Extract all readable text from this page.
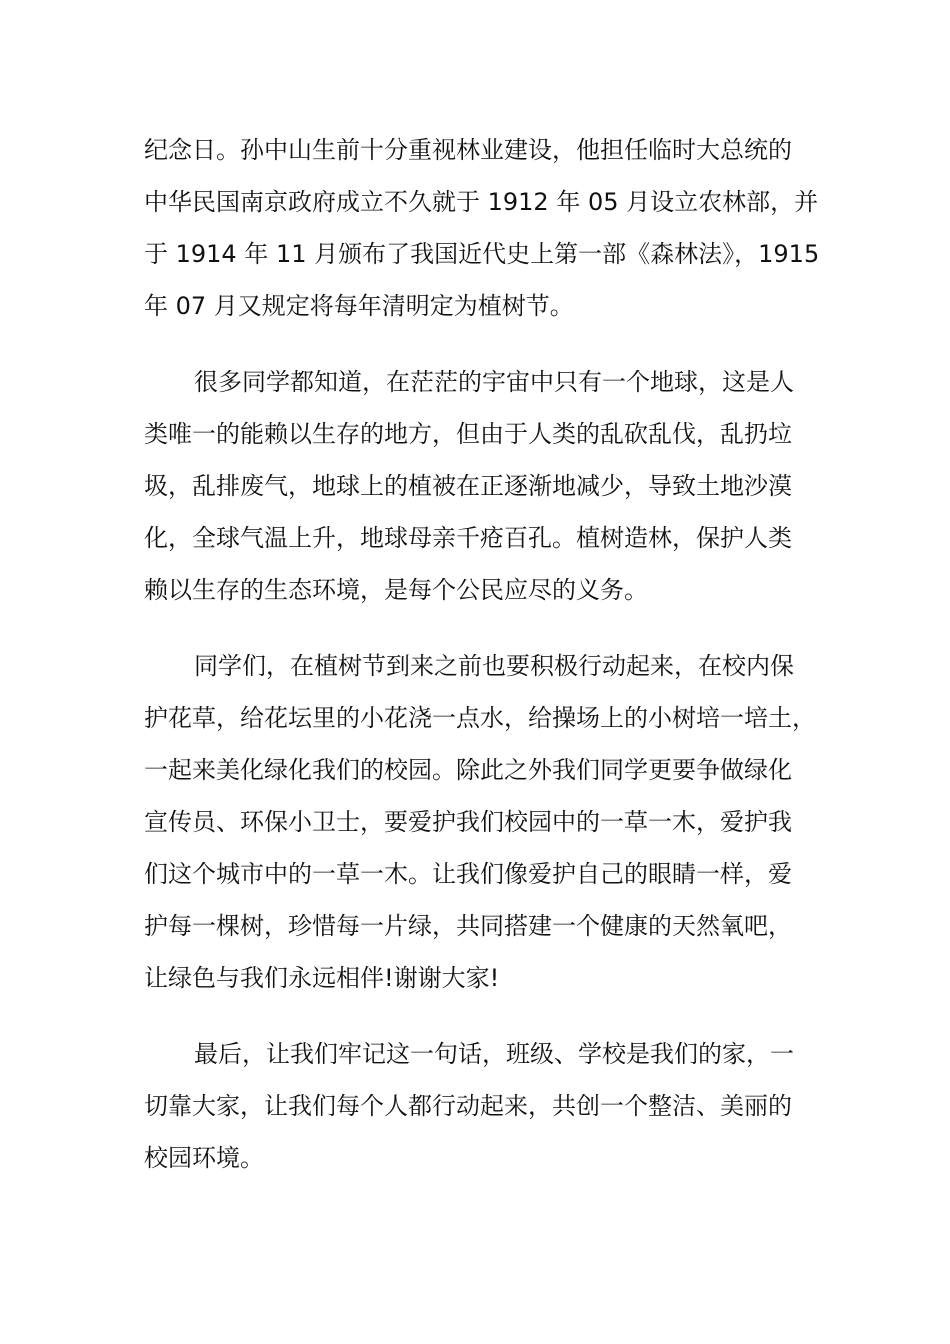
纪念日。孙中山生前十分重视林业建设，他担任临时大总统的
中华民国南京政府成立不久就于 1912 年 05 月设立农林部，并
于 1914 年 11 月颁布了我国近代史上第一部《森林法》，1915
年 07 月又规定将每年清明定为植树节。

很多同学都知道，在茫茫的宇宙中只有一个地球，这是人
类唯一的能赖以生存的地方，但由于人类的乱砍乱伐，乱扔垃
圾，乱排废气，地球上的植被在正逐渐地减少，导致土地沙漠
化，全球气温上升，地球母亲千疮百孔。植树造林，保护人类
赖以生存的生态环境，是每个公民应尽的义务。

同学们，在植树节到来之前也要积极行动起来，在校内保
护花草，给花坛里的小花浇一点水，给操场上的小树培一培土，
一起来美化绿化我们的校园。除此之外我们同学更要争做绿化
宣传员、环保小卫士，要爱护我们校园中的一草一木，爱护我
们这个城市中的一草一木。让我们像爱护自己的眼睛一样，爱
护每一棵树，珍惜每一片绿，共同搭建一个健康的天然氧吧，
让绿色与我们永远相伴!谢谢大家!

最后，让我们牢记这一句话，班级、学校是我们的家，一
切靠大家，让我们每个人都行动起来，共创一个整洁、美丽的
校园环境。
